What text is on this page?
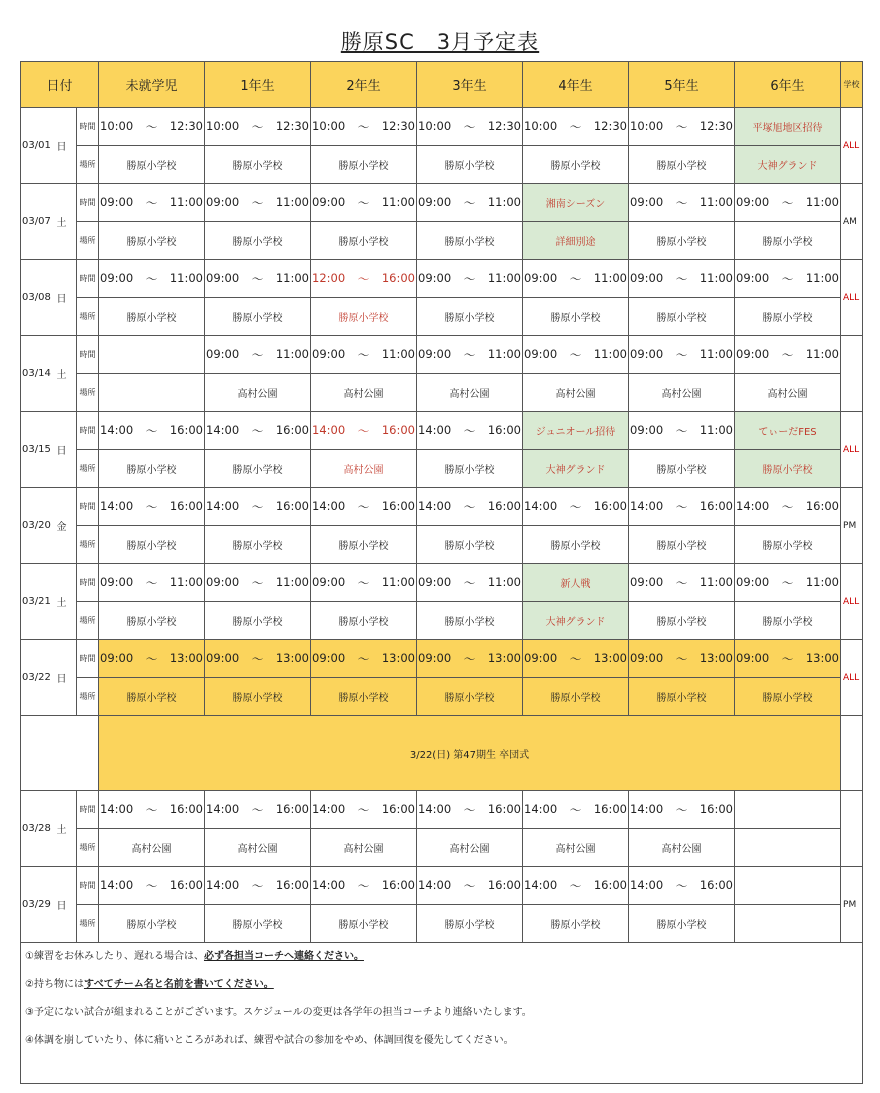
勝原SC　3月予定表
日付			未就学児	1年生	2年生	3年生	4年生	5年生	6年生	学校
03/01	日	時間	10:00 ～ 12:30	10:00 ～ 12:30	10:00 ～ 12:30	10:00 ～ 12:30	10:00 ～ 12:30	10:00 ～ 12:30	平塚旭地区招待	ALL
		場所	勝原小学校	勝原小学校	勝原小学校	勝原小学校	勝原小学校	勝原小学校	大神グランド	
03/07	土	時間	09:00 ～ 11:00	09:00 ～ 11:00	09:00 ～ 11:00	09:00 ～ 11:00	湘南シーズン	09:00 ～ 11:00	09:00 ～ 11:00	AM
		場所	勝原小学校	勝原小学校	勝原小学校	勝原小学校	詳細別途	勝原小学校	勝原小学校	
03/08	日	時間	09:00 ～ 11:00	09:00 ～ 11:00	12:00 ～ 16:00	09:00 ～ 11:00	09:00 ～ 11:00	09:00 ～ 11:00	09:00 ～ 11:00	ALL
		場所	勝原小学校	勝原小学校	勝原小学校	勝原小学校	勝原小学校	勝原小学校	勝原小学校	
03/14	土	時間		09:00 ～ 11:00	09:00 ～ 11:00	09:00 ～ 11:00	09:00 ～ 11:00	09:00 ～ 11:00	09:00 ～ 11:00	

		場所		高村公園	高村公園	高村公園	高村公園	高村公園	高村公園	
03/15	日	時間	14:00 ～ 16:00	14:00 ～ 16:00	14:00 ～ 16:00	14:00 ～ 16:00	ジュニオール招待	09:00 ～ 11:00	てぃーだFES	ALL
		場所	勝原小学校	勝原小学校	高村公園	勝原小学校	大神グランド	勝原小学校	勝原小学校	
03/20	金	時間	14:00 ～ 16:00	14:00 ～ 16:00	14:00 ～ 16:00	14:00 ～ 16:00	14:00 ～ 16:00	14:00 ～ 16:00	14:00 ～ 16:00	PM
		場所	勝原小学校	勝原小学校	勝原小学校	勝原小学校	勝原小学校	勝原小学校	勝原小学校	
03/21	土	時間	09:00 ～ 11:00	09:00 ～ 11:00	09:00 ～ 11:00	09:00 ～ 11:00	新人戦	09:00 ～ 11:00	09:00 ～ 11:00	ALL
		場所	勝原小学校	勝原小学校	勝原小学校	勝原小学校	大神グランド	勝原小学校	勝原小学校	
03/22	日	時間	09:00 ～ 13:00	09:00 ～ 13:00	09:00 ～ 13:00	09:00 ～ 13:00	09:00 ～ 13:00	09:00 ～ 13:00	09:00 ～ 13:00	ALL
		場所	勝原小学校	勝原小学校	勝原小学校	勝原小学校	勝原小学校	勝原小学校	勝原小学校	
			3/22(日) 第47期生 卒団式							
03/28	土	時間	14:00 ～ 16:00	14:00 ～ 16:00	14:00 ～ 16:00	14:00 ～ 16:00	14:00 ～ 16:00	14:00 ～ 16:00		

		場所	高村公園	高村公園	高村公園	高村公園	高村公園	高村公園		
03/29	日	時間	14:00 ～ 16:00	14:00 ～ 16:00	14:00 ～ 16:00	14:00 ～ 16:00	14:00 ～ 16:00	14:00 ～ 16:00		PM
		場所	勝原小学校	勝原小学校	勝原小学校	勝原小学校	勝原小学校	勝原小学校		

①練習をお休みしたり、遅れる場合は、必ず各担当コーチへ連絡ください。
②持ち物にはすべてチーム名と名前を書いてください。
③予定にない試合が組まれることがございます。スケジュールの変更は各学年の担当コーチより連絡いたします。
④体調を崩していたり、体に痛いところがあれば、練習や試合の参加をやめ、体調回復を優先してください。										
